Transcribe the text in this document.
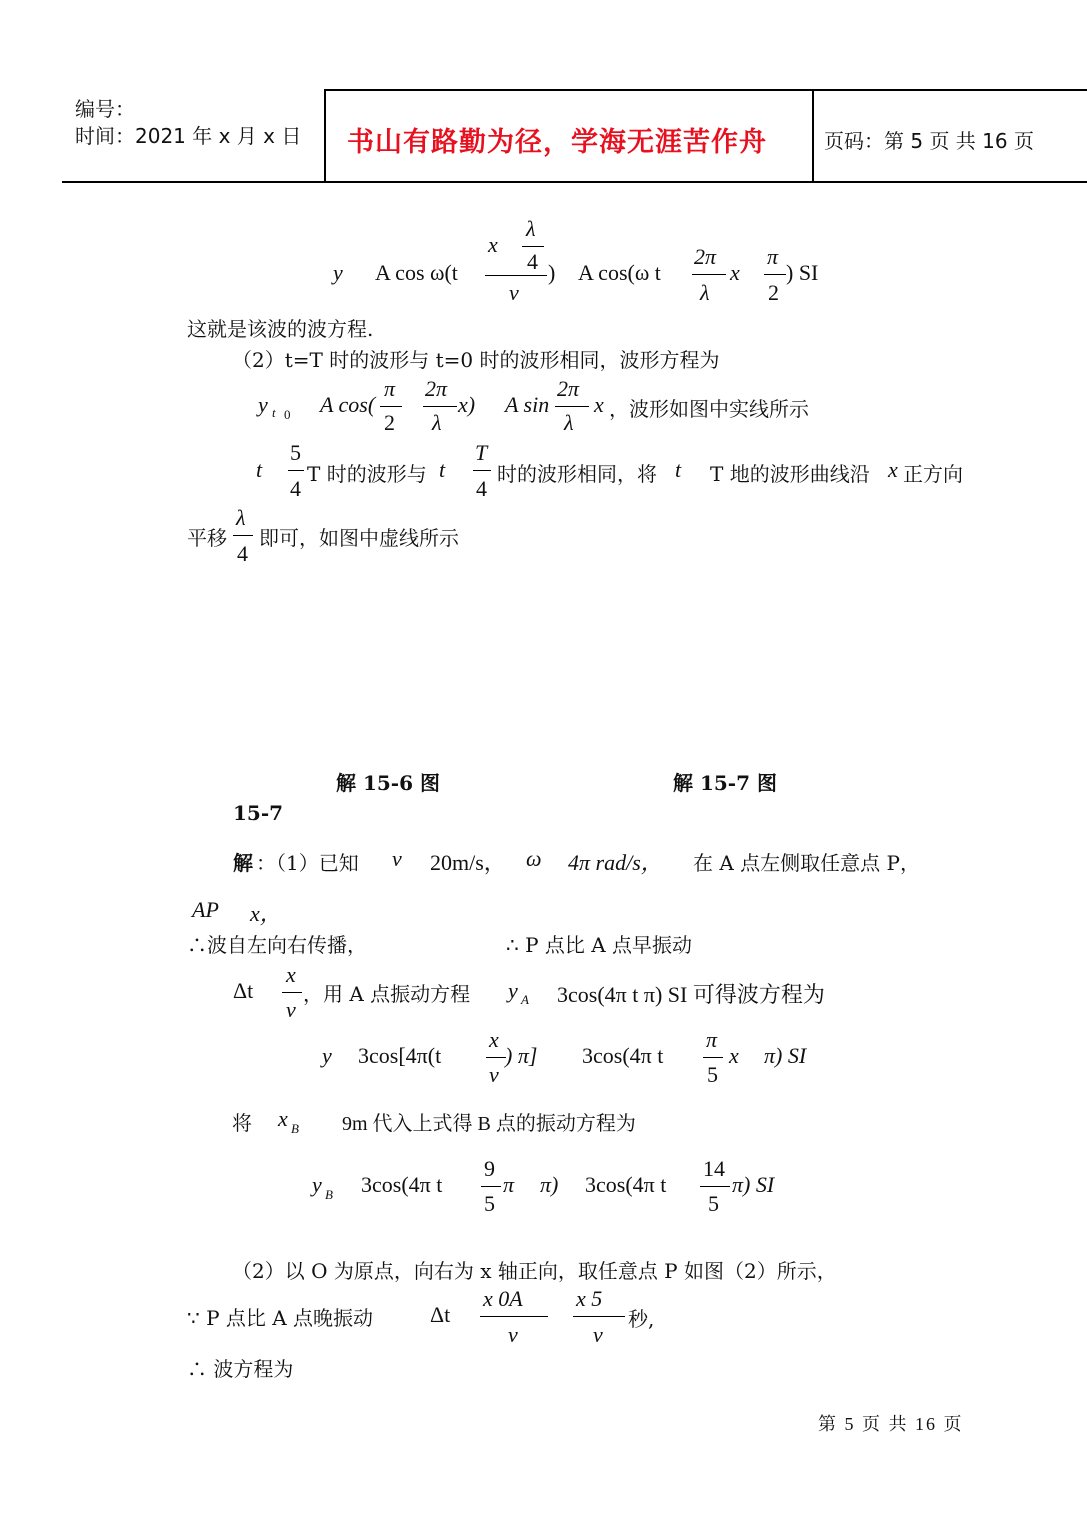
编号：
时间：2021 年 x 月 x 日 书山有路勤为径，学海无涯苦作舟	页码：第 5 页 共 16 页
y A cos ω(t
x
λ
4
v
) A cos(ω t
2π
λ
x
π
2
) SI
这就是该波的波方程.
（2）t=T 时的波形与 t=0 时的波形相同，波形方程为
y t 0 A cos(
π
2
2π
λ
x) A sin
2π
λ
x ，波形如图中实线所示
t
5
4
T 时的波形与 t
T
4
时的波形相同，将 t T 地的波形曲线沿 x 正方向
平移
λ
4
即可，如图中虚线所示
解 15-6 图	解 15-7 图
15-7
解 ：（1）已知 v 20m/s， ω 4π rad/s， 在 A 点左侧取任意点 P，
AP x，
∴波自左向右传播，	∴ P 点比 A 点早振动
Δt
x
v
，用 A 点振动方程 y A 3cos(4π t π) SI 可得波方程为
y 3cos[4π(t
x
v
) π] 3cos(4π t
π
5
x π) SI
将 x B 9m 代入上式得 B 点的振动方程为
y B 3cos(4π t
9
5
π π) 3cos(4π t
14
5
π) SI
（2）以 O 为原点，向右为 x 轴正向，取任意点 P 如图（2）所示，
∵ P 点比 A 点晚振动	Δt
x 0A
v
x 5
v
秒,
∴ 波方程为
第 5 页 共 16 页
